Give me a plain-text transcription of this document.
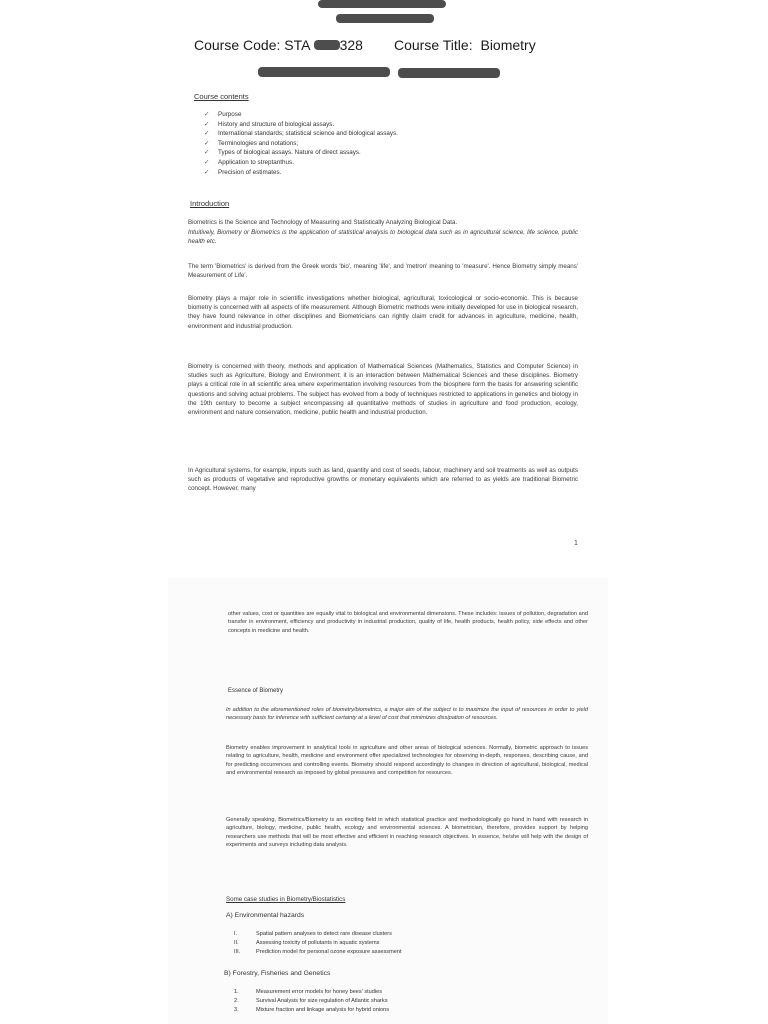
Course Code: STA 328 Course Title: Biometry
Course contents
✓ Purpose
✓ History and structure of biological assays.
✓ International standards; statistical science and biological assays.
✓ Terminologies and notations;
✓ Types of biological assays. Nature of direct assays.
✓ Application to streptanthus.
✓ Precision of estimates.
Introduction
Biometrics is the Science and Technology of Measuring and Statistically Analyzing Biological Data.
Intuitively, Biometry or Biometrics is the application of statistical analysis to biological data such as in agricultural science, life science, public health etc.
The term 'Biometrics' is derived from the Greek words 'bio', meaning 'life', and 'metron' meaning to 'measure'. Hence Biometry simply means' Measurement of Life'.
Biometry plays a major role in scientific investigations whether biological, agricultural, toxicological or socio-economic. This is because biometry is concerned with all aspects of life measurement. Although Biometric methods were initially developed for use in biological research, they have found relevance in other disciplines and Biometricians can rightly claim credit for advances in agriculture, medicine, health, environment and industrial production.
Biometry is concerned with theory, methods and application of Mathematical Sciences (Mathematics, Statistics and Computer Science) in studies such as Agriculture, Biology and Environment; it is an interaction between Mathematical Sciences and these disciplines. Biometry plays a critical role in all scientific area where experimentation involving resources from the biosphere form the basis for answering scientific questions and solving actual problems. The subject has evolved from a body of techniques restricted to applications in genetics and biology in the 19th century to become a subject encompassing all quantitative methods of studies in agriculture and food production, ecology, environment and nature conservation, medicine, public health and industrial production.
In Agricultural systems, for example, inputs such as land, quantity and cost of seeds, labour, machinery and soil treatments as well as outputs such as products of vegetative and reproductive growths or monetary equivalents which are referred to as yields are traditional Biometric concept. However, many
1
other values, cost or quantities are equally vital to biological and environmental dimensions. These includes: issues of pollution, degradation and transfer in environment, efficiency and productivity in industrial production, quality of life, health products, health policy, side effects and other concepts in medicine and health.
Essence of Biometry
In addition to the aforementioned roles of biometry/biometrics, a major aim of the subject is to maximize the input of resources in order to yield necessary basis for inference with sufficient certainty at a level of cost that minimizes dissipation of resources.
Biometry enables improvement in analytical tools in agriculture and other areas of biological sciences. Normally, biometric approach to issues relating to agriculture, health, medicine and environment offer specialized technologies for observing in-depth, responses, describing cause, and for predicting occurrences and controlling events. Biometry should respond accordingly to changes in direction of agricultural, biological, medical and environmental research as imposed by global pressures and competition for resources.
Generally speaking, Biometrics/Biometry is an exciting field in which statistical practice and methodologically go hand in hand with research in agriculture, biology, medicine, public health, ecology and environmental sciences. A biometrician, therefore, provides support by helping researchers use methods that will be most effective and efficient in reaching research objectives. In essence, he/she will help with the design of experiments and surveys including data analysis.
Some case studies in Biometry/Biostatistics
A) Environmental hazards
I.	Spatial pattern analyses to detect rare disease clusters
II.	Assessing toxicity of pollutants in aquatic systems
III.	Prediction model for personal ozone exposure assessment
B) Forestry, Fisheries and Genetics
1.	Measurement error models for honey bees' studies
2.	Survival Analysis for size regulation of Atlantic sharks
3.	Mixture fraction and linkage analysis for hybrid onions
